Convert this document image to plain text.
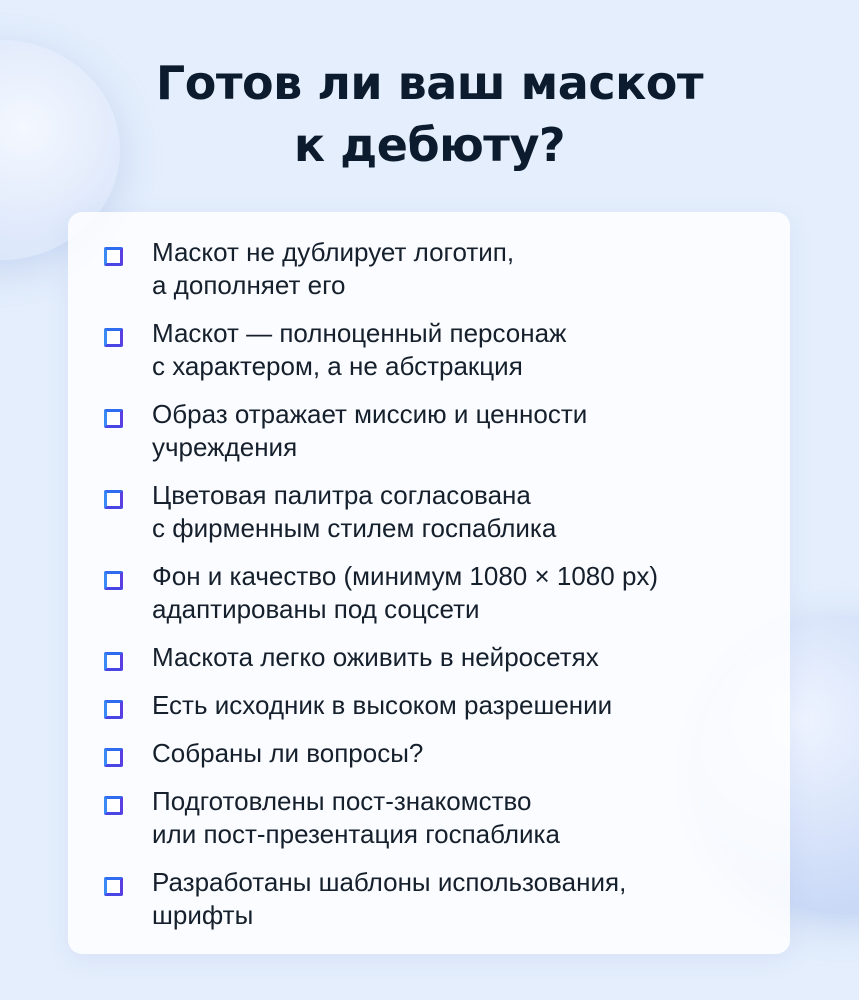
Готов ли ваш маскот
к дебюту?
Маскот не дублирует логотип,
а дополняет его
Маскот — полноценный персонаж
с характером, а не абстракция
Образ отражает миссию и ценности
учреждения
Цветовая палитра согласована
с фирменным стилем госпаблика
Фон и качество (минимум 1080 × 1080 px)
адаптированы под соцсети
Маскота легко оживить в нейросетях
Есть исходник в высоком разрешении
Собраны ли вопросы?
Подготовлены пост-знакомство
или пост-презентация госпаблика
Разработаны шаблоны использования,
шрифты
